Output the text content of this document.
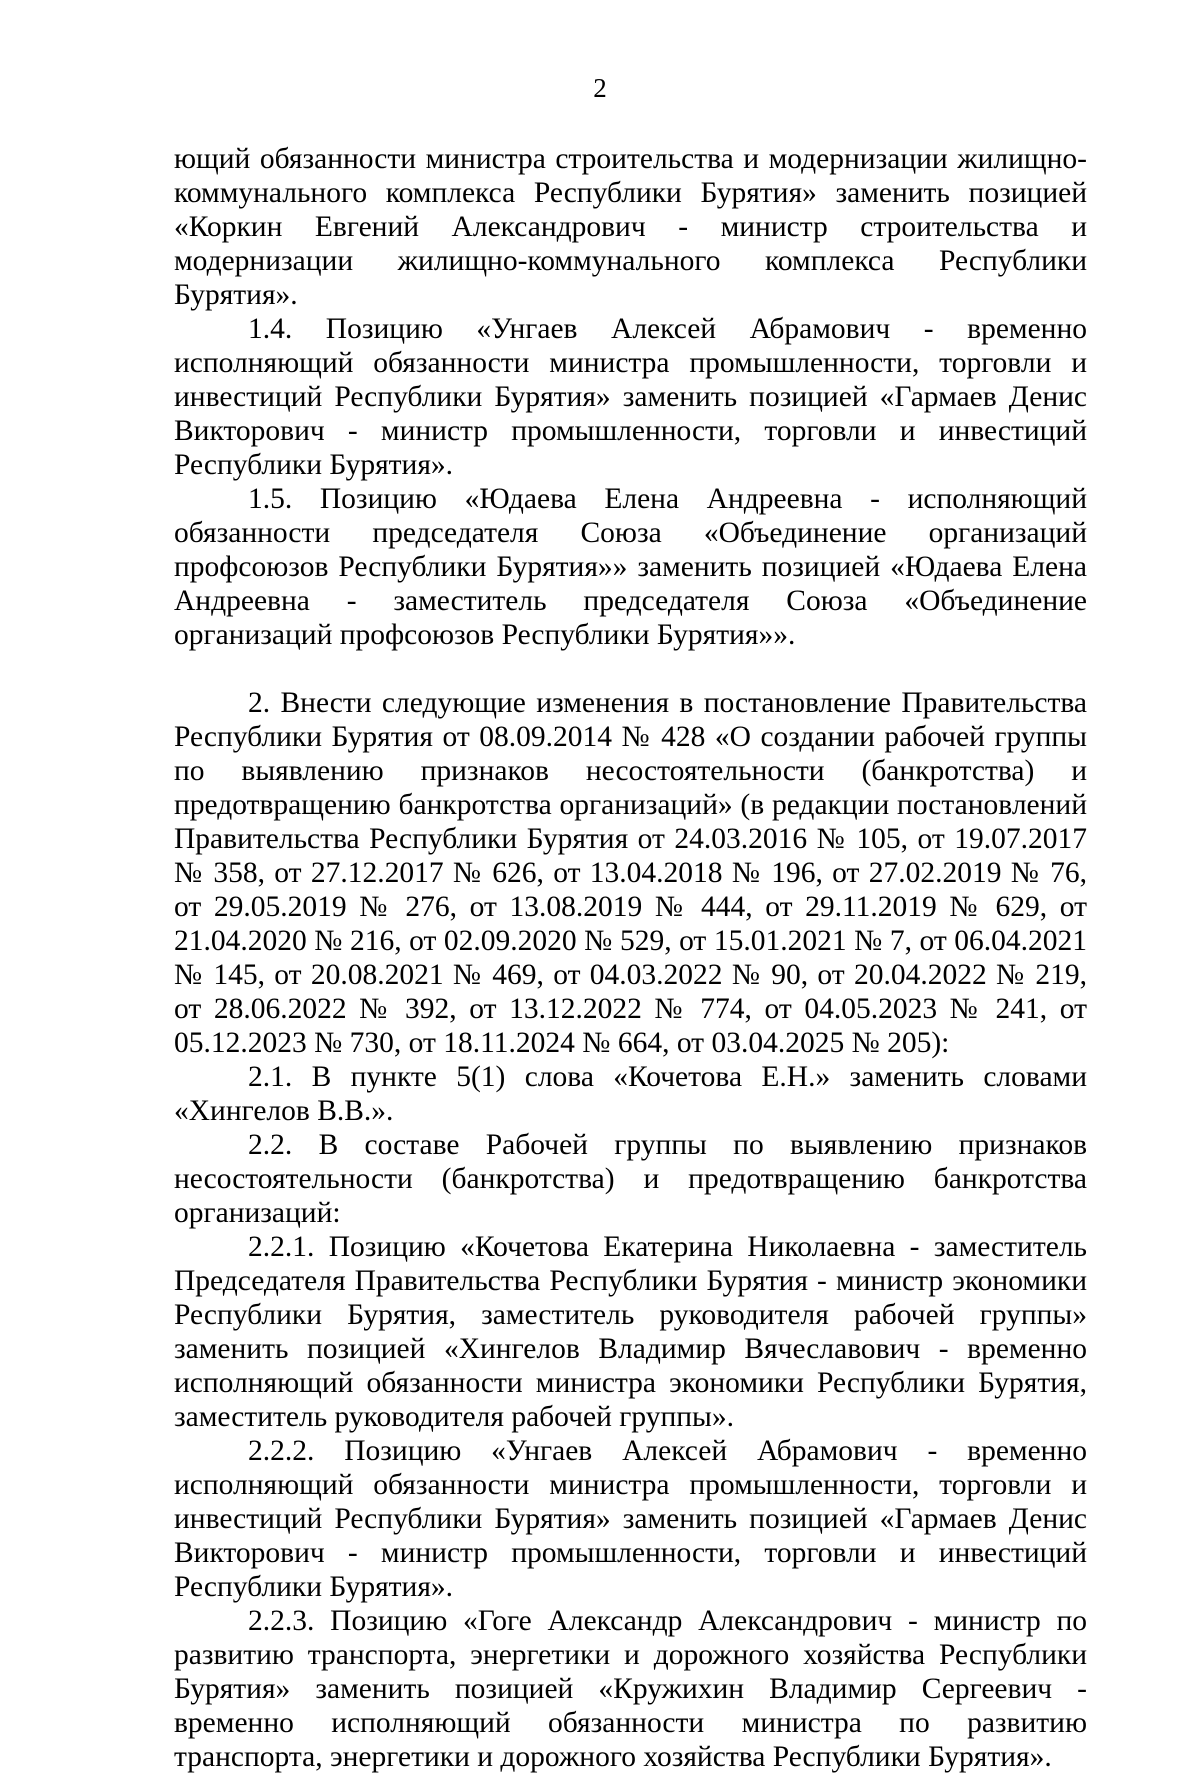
2

ющий обязанности министра строительства и модернизации жилищно-коммунального комплекса Республики Бурятия» заменить позицией «Коркин Евгений Александрович - министр строительства и модернизации жилищно-коммунального комплекса Республики Бурятия».

1.4. Позицию «Унгаев Алексей Абрамович - временно исполняющий обязанности министра промышленности, торговли и инвестиций Республики Бурятия» заменить позицией «Гармаев Денис Викторович - министр промышленности, торговли и инвестиций Республики Бурятия».

1.5. Позицию «Юдаева Елена Андреевна - исполняющий обязанности председателя Союза «Объединение организаций профсоюзов Республики Бурятия»» заменить позицией «Юдаева Елена Андреевна - заместитель председателя Союза «Объединение организаций профсоюзов Республики Бурятия»».

2. Внести следующие изменения в постановление Правительства Республики Бурятия от 08.09.2014 № 428 «О создании рабочей группы по выявлению признаков несостоятельности (банкротства) и предотвращению банкротства организаций» (в редакции постановлений Правительства Республики Бурятия от 24.03.2016 № 105, от 19.07.2017 № 358, от 27.12.2017 № 626, от 13.04.2018 № 196, от 27.02.2019 № 76, от 29.05.2019 № 276, от 13.08.2019 № 444, от 29.11.2019 № 629, от 21.04.2020 № 216, от 02.09.2020 № 529, от 15.01.2021 № 7, от 06.04.2021 № 145, от 20.08.2021 № 469, от 04.03.2022 № 90, от 20.04.2022 № 219, от 28.06.2022 № 392, от 13.12.2022 № 774, от 04.05.2023 № 241, от 05.12.2023 № 730, от 18.11.2024 № 664, от 03.04.2025 № 205):

2.1. В пункте 5(1) слова «Кочетова Е.Н.» заменить словами «Хингелов В.В.».

2.2. В составе Рабочей группы по выявлению признаков несостоятельности (банкротства) и предотвращению банкротства организаций:

2.2.1. Позицию «Кочетова Екатерина Николаевна - заместитель Председателя Правительства Республики Бурятия - министр экономики Республики Бурятия, заместитель руководителя рабочей группы» заменить позицией «Хингелов Владимир Вячеславович - временно исполняющий обязанности министра экономики Республики Бурятия, заместитель руководителя рабочей группы».

2.2.2. Позицию «Унгаев Алексей Абрамович - временно исполняющий обязанности министра промышленности, торговли и инвестиций Республики Бурятия» заменить позицией «Гармаев Денис Викторович - министр промышленности, торговли и инвестиций Республики Бурятия».

2.2.3. Позицию «Гоге Александр Александрович - министр по развитию транспорта, энергетики и дорожного хозяйства Республики Бурятия» заменить позицией «Кружихин Владимир Сергеевич - временно исполняющий обязанности министра по развитию транспорта, энергетики и дорожного хозяйства Республики Бурятия».
